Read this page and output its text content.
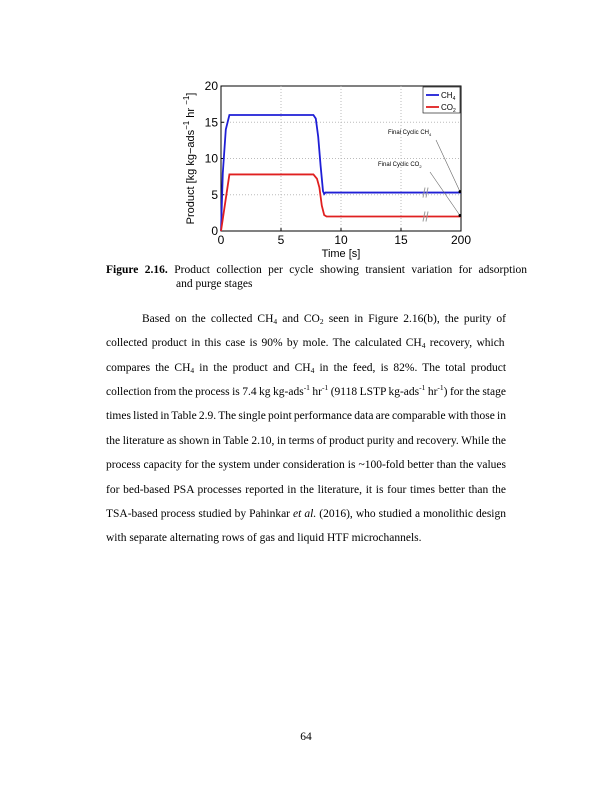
0
5
10
15
20
0	5	10	15	200
Time [s]
Product [kg kg−ads$^{-1}$ hr $^{-1}$]	$CH_4$
$CO_2$
Final Cyclic $CH_4$
Final Cyclic $CO_2$
Figure 2.16. Product collection per cycle showing transient variation for adsorption
and purge stages
Based on the collected $CH_4$ and $CO_2$ seen in Figure 2.16(b), the purity of
collected product in this case is 90% by mole. The calculated $CH_4$ recovery, which
compares the $CH_4$ in the product and $CH_4$ in the feed, is 82%. The total product
collection from the process is 7.4 kg kg-ads$^{-1}$ $hr^{-1}$ (9118 LSTP kg-ads$^{-1}$ $hr^{-1}$) for the stage
times listed in Table 2.9. The single point performance data are comparable with those in
the literature as shown in Table 2.10, in terms of product purity and recovery. While the
process capacity for the system under consideration is ~100-fold better than the values
for bed-based PSA processes reported in the literature, it is four times better than the
TSA-based process studied by Pahinkar et al. (2016), who studied a monolithic design
with separate alternating rows of gas and liquid HTF microchannels.
64
